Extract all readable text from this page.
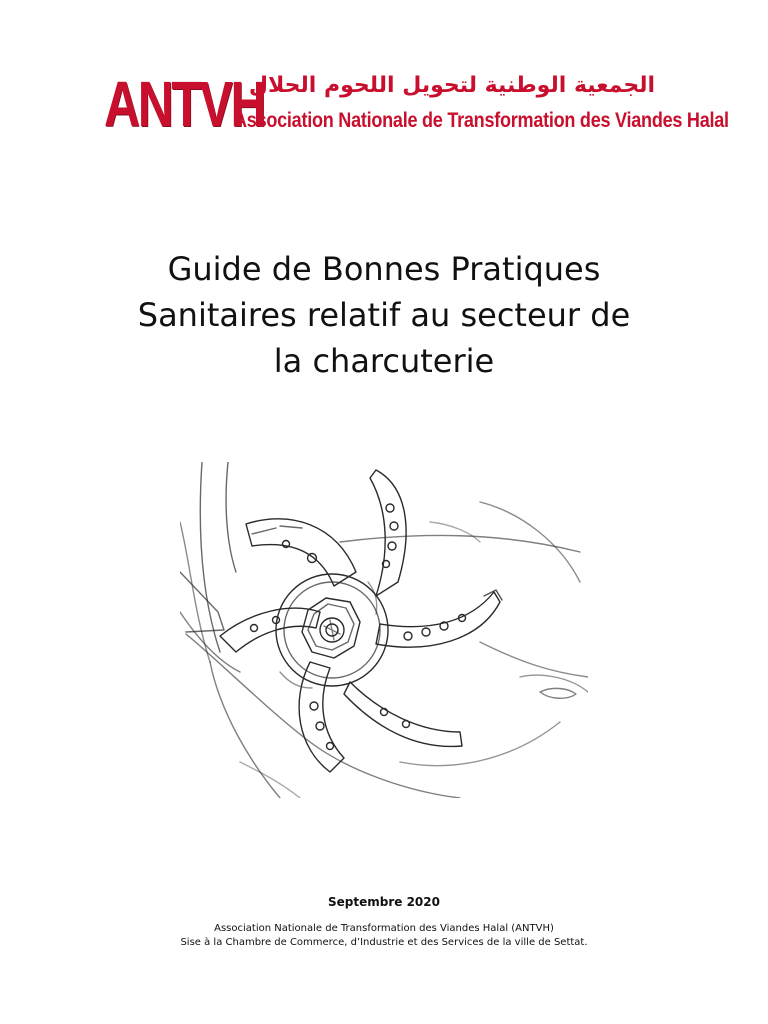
ANTVH
الجمعية الوطنية لتحويل اللحوم الحلال
Association Nationale de Transformation des Viandes Halal
Guide de Bonnes Pratiques
Sanitaires relatif au secteur de
la charcuterie
Septembre 2020
Association Nationale de Transformation des Viandes Halal (ANTVH)
Sise à la Chambre de Commerce, d’Industrie et des Services de la ville de Settat.
